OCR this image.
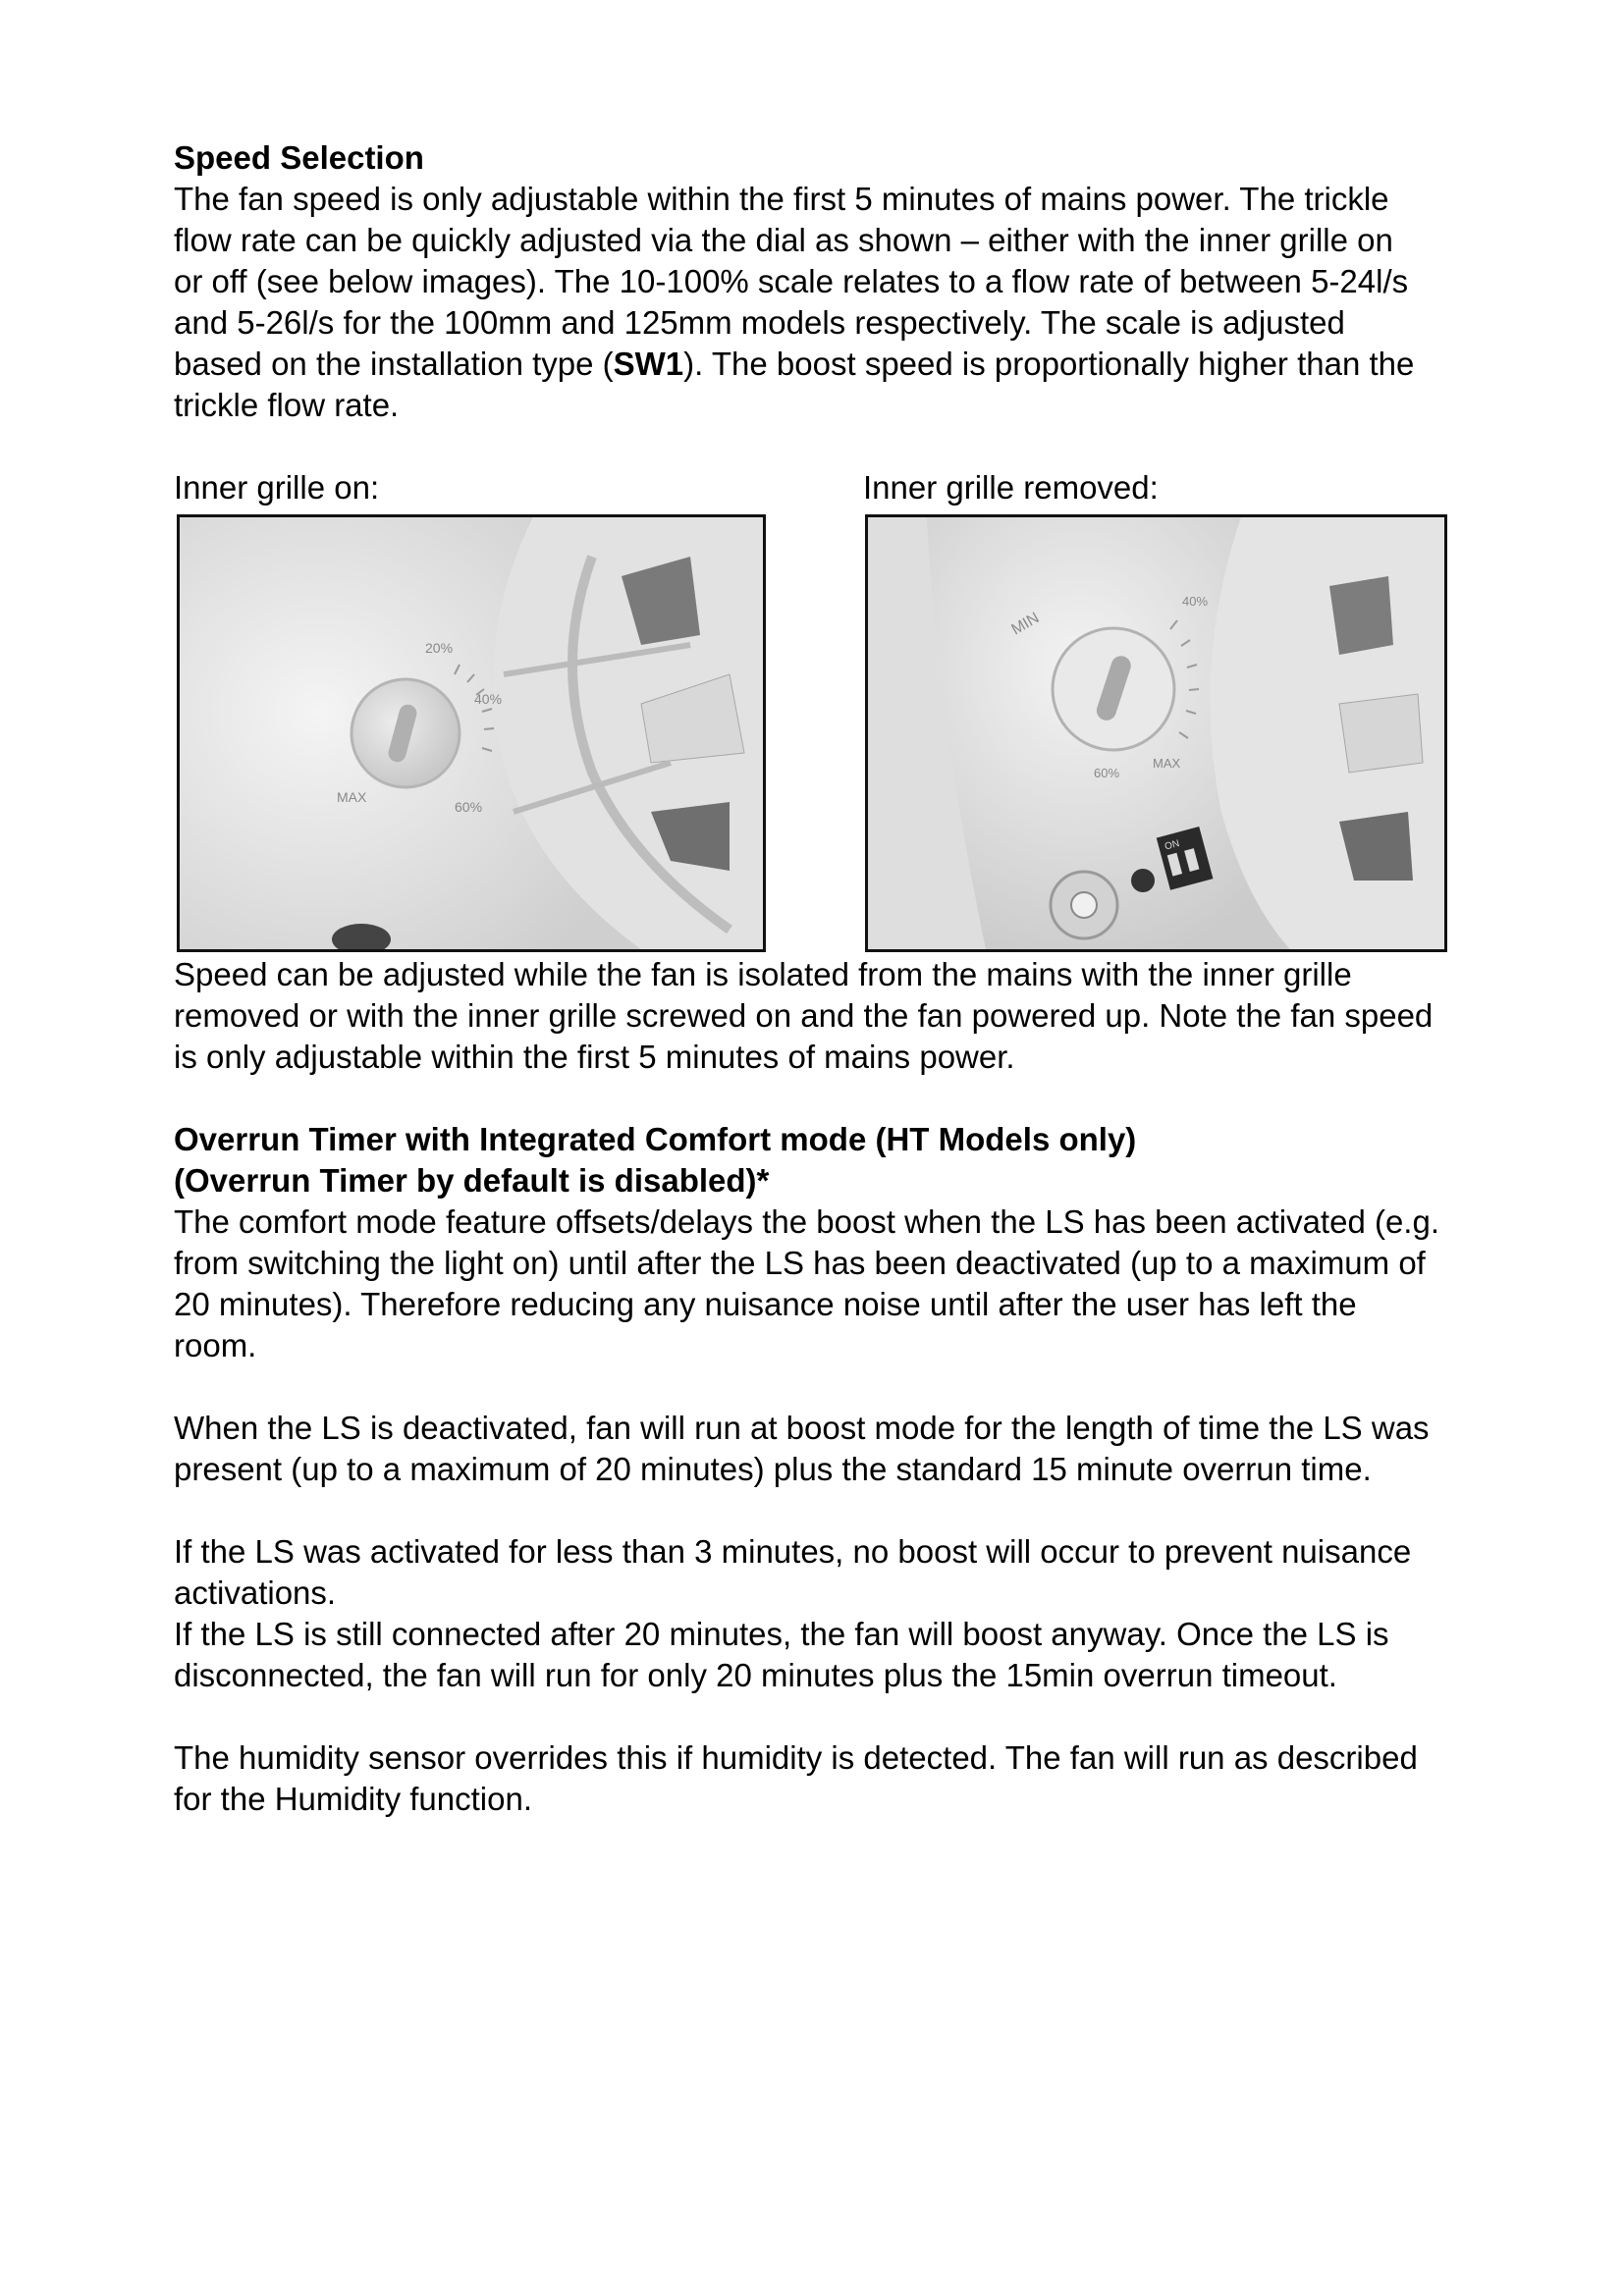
Speed Selection

The fan speed is only adjustable within the first 5 minutes of mains power. The trickle

flow rate can be quickly adjusted via the dial as shown – either with the inner grille on

or off (see below images). The 10-100% scale relates to a flow rate of between 5-24l/s

and 5-26l/s for the 100mm and 125mm models respectively. The scale is adjusted

based on the installation type (SW1). The boost speed is proportionally higher than the

trickle flow rate.

Inner grille on:	Inner grille removed:
20%
40%
60%
MAX
MIN
40%
60%
MAX
ON

Speed can be adjusted while the fan is isolated from the mains with the inner grille

removed or with the inner grille screwed on and the fan powered up. Note the fan speed

is only adjustable within the first 5 minutes of mains power.

Overrun Timer with Integrated Comfort mode (HT Models only)

(Overrun Timer by default is disabled)*

The comfort mode feature offsets/delays the boost when the LS has been activated (e.g.

from switching the light on) until after the LS has been deactivated (up to a maximum of

20 minutes). Therefore reducing any nuisance noise until after the user has left the

room.

When the LS is deactivated, fan will run at boost mode for the length of time the LS was

present (up to a maximum of 20 minutes) plus the standard 15 minute overrun time.

If the LS was activated for less than 3 minutes, no boost will occur to prevent nuisance

activations.

If the LS is still connected after 20 minutes, the fan will boost anyway. Once the LS is

disconnected, the fan will run for only 20 minutes plus the 15min overrun timeout.

The humidity sensor overrides this if humidity is detected. The fan will run as described

for the Humidity function.
